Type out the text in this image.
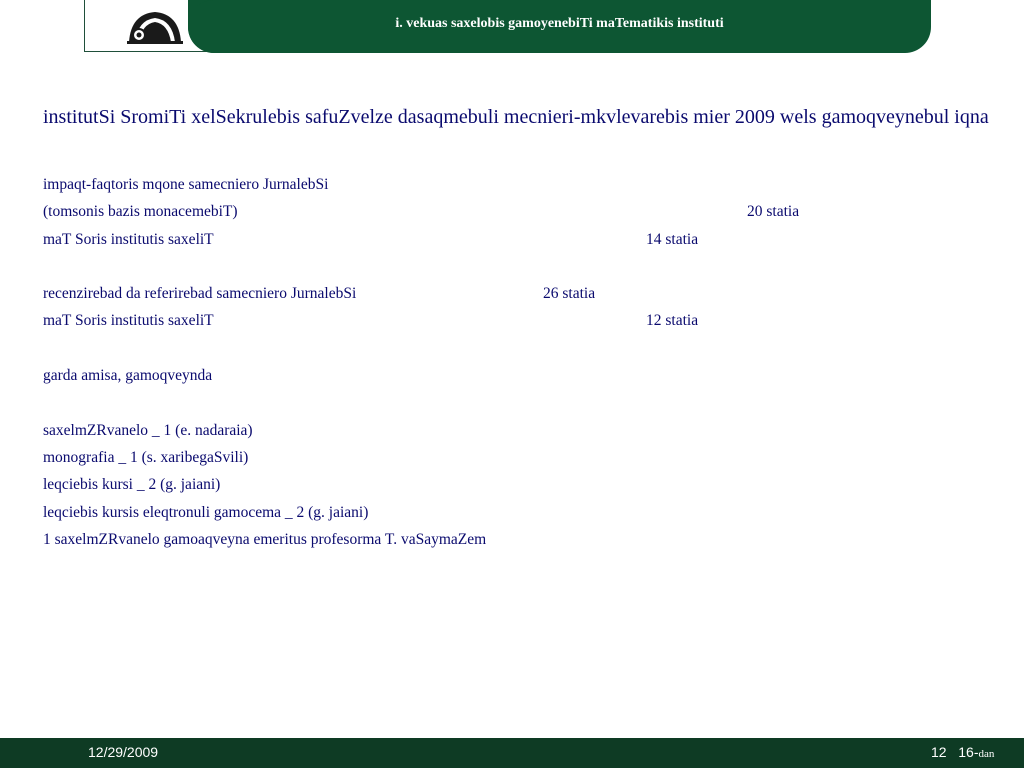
i. vekuas saxelobis gamoyenebiTi maTematikis instituti
institutSi SromiTi xelSekrulebis safuZvelze dasaqmebuli mecnieri-mkvlevarebis mier 2009 wels gamoqveynebul iqna
impaqt-faqtoris mqone samecniero JurnalebSi
(tomsonis bazis monacemebiT)	20 statia
maT Soris institutis saxeliT	14 statia
recenzirebad da referirebad samecniero JurnalebSi	26 statia
maT Soris institutis saxeliT	12 statia
garda amisa, gamoqveynda
saxelmZRvanelo _ 1 (e. nadaraia)
monografia _ 1 (s. xaribegaSvili)
leqciebis kursi _ 2 (g. jaiani)
leqciebis kursis eleqtronuli gamocema _ 2 (g. jaiani)
1 saxelmZRvanelo gamoaqveyna emeritus profesorma T. vaSaymaZem
12/29/2009	12 16-dan
